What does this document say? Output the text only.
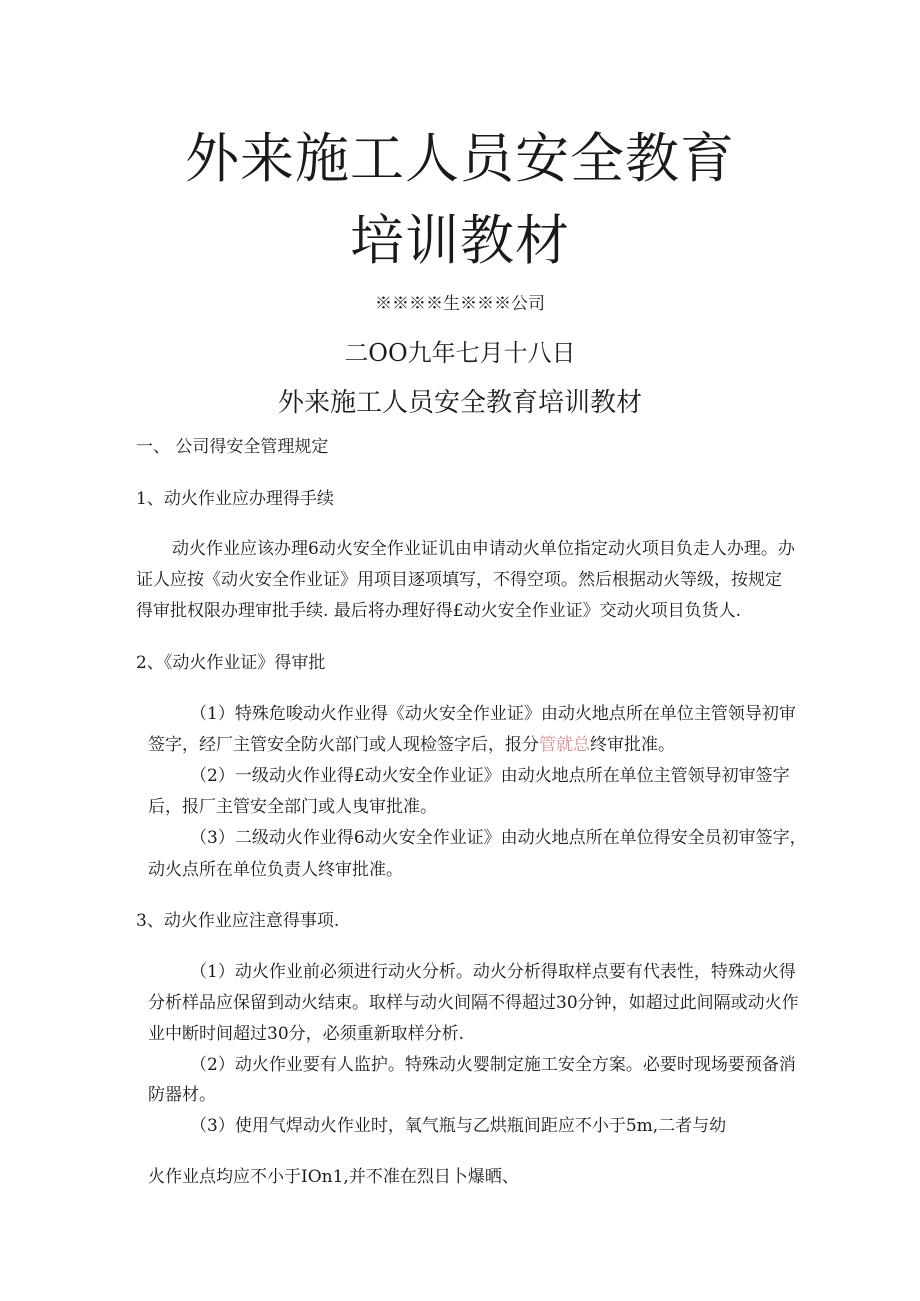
外来施工人员安全教育
培训教材
※※※※生※※※公司
二OO九年七月十八日
外来施工人员安全教育培训教材
一、 公司得安全管理规定
1、动火作业应办理得手续
动火作业应该办理6动火安全作业证讥由申请动火单位指定动火项目负走人办理。办
证人应按《动火安全作业证》用项目逐项填写，不得空项。然后根据动火等级，按规定
得审批权限办理审批手续. 最后将办理好得£动火安全作业证》交动火项目负货人.
2、《动火作业证》得审批
（1）特殊危唆动火作业得《动火安全作业证》由动火地点所在单位主管领导初审
签字，经厂主管安全防火部门或人现检签字后，报分管就总终审批准。
（2）一级动火作业得£动火安全作业证》由动火地点所在单位主管领导初审签字
后，报厂主管安全部门或人曳审批准。
（3）二级动火作业得6动火安全作业证》由动火地点所在单位得安全员初审签字，
动火点所在单位负责人终审批准。
3、动火作业应注意得事项.
（1）动火作业前必须进行动火分析。动火分析得取样点要有代表性，特殊动火得
分析样品应保留到动火结束。取样与动火间隔不得超过30分钟，如超过此间隔或动火作
业中断时间超过30分，必须重新取样分析.
（2）动火作业要有人监护。特殊动火婴制定施工安全方案。必要时现场要预备消
防器材。
（3）使用气焊动火作业时，氧气瓶与乙烘瓶间距应不小于5m,二者与幼
火作业点均应不小于IOn1,并不准在烈日卜爆晒、
